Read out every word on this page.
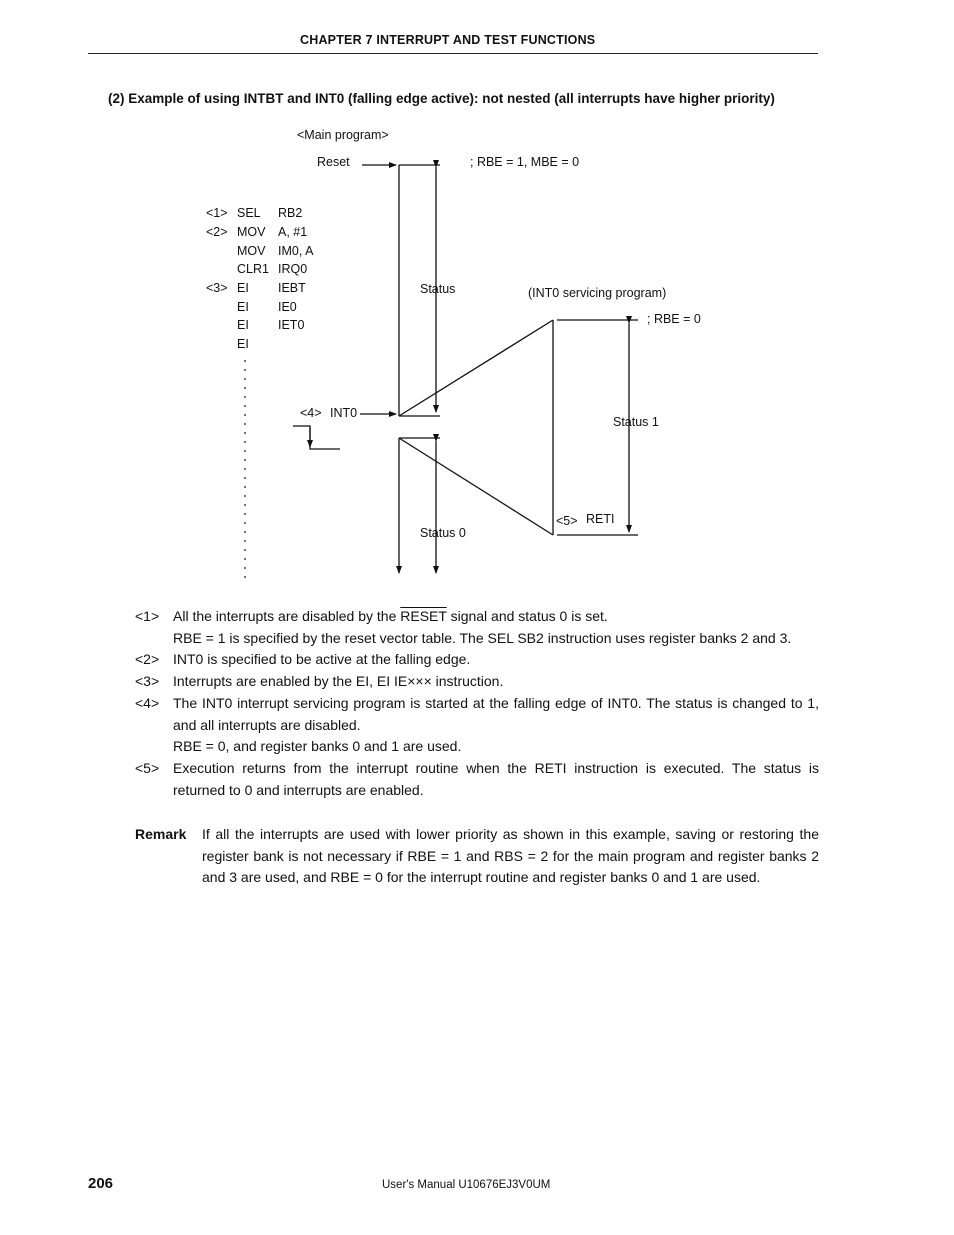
CHAPTER 7 INTERRUPT AND TEST FUNCTIONS
(2) Example of using INTBT and INT0 (falling edge active): not nested (all interrupts have higher priority)
<Main program>
Reset	; RBE = 1, MBE = 0
Status	(INT0 servicing program)
; RBE = 0
Status 1
Status 0
<4> INT0
<5> RETI
<1> SEL RB2
<2> MOV A, #1
MOV IM0, A
CLR1 IRQ0
<3> EI IEBT
EI IE0
EI IET0
EI
<1> All the interrupts are disabled by the RESET signal and status 0 is set.
RBE = 1 is specified by the reset vector table. The SEL SB2 instruction uses register banks 2 and 3.
<2> INT0 is specified to be active at the falling edge.
<3> Interrupts are enabled by the EI, EI IE××× instruction.
<4> The INT0 interrupt servicing program is started at the falling edge of INT0. The status is changed to 1, and all interrupts are disabled.
RBE = 0, and register banks 0 and 1 are used.
<5> Execution returns from the interrupt routine when the RETI instruction is executed. The status is returned to 0 and interrupts are enabled.
Remark If all the interrupts are used with lower priority as shown in this example, saving or restoring the register bank is not necessary if RBE = 1 and RBS = 2 for the main program and register banks 2 and 3 are used, and RBE = 0 for the interrupt routine and register banks 0 and 1 are used.
206	User's Manual U10676EJ3V0UM
